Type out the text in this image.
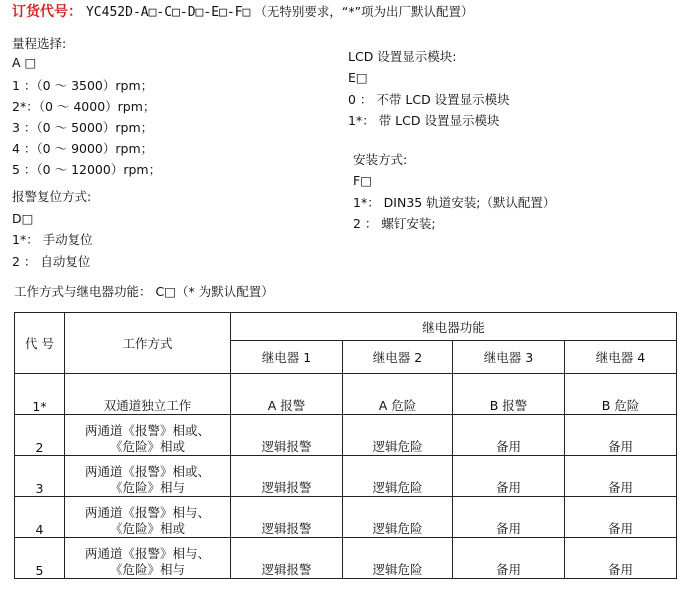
订货代号： YC452D-A□-C□-D□-E□-F□ （无特别要求，“*”项为出厂默认配置）
量程选择:
A □
1 ：（0 ～ 3500）rpm；
2*：（0 ～ 4000）rpm；
3 ：（0 ～ 5000）rpm；
4 ：（0 ～ 9000）rpm；
5 ：（0 ～ 12000）rpm；
报警复位方式:
D□
1*： 手动复位
2 ： 自动复位
LCD 设置显示模块:
E□
0 ： 不带 LCD 设置显示模块
1*： 带 LCD 设置显示模块
安装方式:
F□
1*： DIN35 轨道安装;（默认配置）
2 ： 螺钉安装;
工作方式与继电器功能： C□（* 为默认配置）
代 号	工作方式	继电器功能			
		继电器 1	继电器 2	继电器 3	继电器 4
1*	双通道独立工作	A 报警	A 危险	B 报警	B 危险
2	两通道《报警》相或、
《危险》相或	逻辑报警	逻辑危险	备用	备用
3	两通道《报警》相或、
《危险》相与	逻辑报警	逻辑危险	备用	备用
4	两通道《报警》相与、
《危险》相或	逻辑报警	逻辑危险	备用	备用
5	两通道《报警》相与、
《危险》相与	逻辑报警	逻辑危险	备用	备用
